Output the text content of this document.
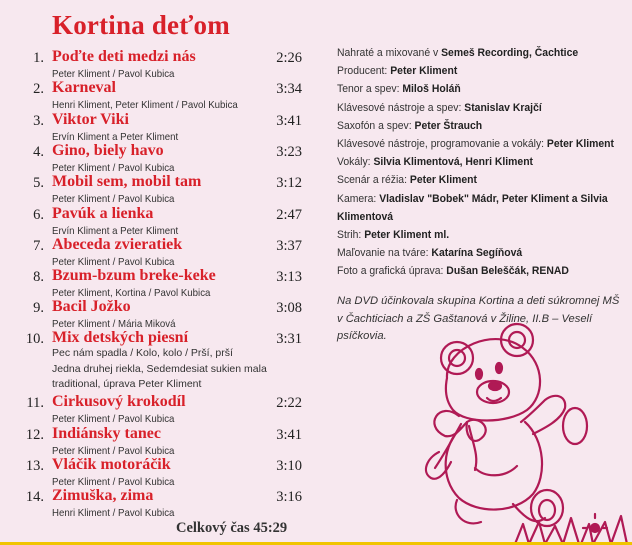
Kortina deťom
1. Poďte deti medzi nás	2:26
Peter Kliment / Pavol Kubica
2. Karneval	3:34
Henri Kliment, Peter Kliment / Pavol Kubica
3. Viktor Viki	3:41
Ervín Kliment a Peter Kliment
4. Gino, biely havo	3:23
Peter Kliment / Pavol Kubica
5. Mobil sem, mobil tam	3:12
Peter Kliment / Pavol Kubica
6. Pavúk a lienka	2:47
Ervín Kliment a Peter Kliment
7. Abeceda zvieratiek	3:37
Peter Kliment / Pavol Kubica
8. Bzum-bzum breke-keke	3:13
Peter Kliment, Kortina / Pavol Kubica
9. Bacil Jožko	3:08
Peter Kliment / Mária Miková
10. Mix detských piesní	3:31
Pec nám spadla / Kolo, kolo / Prší, prší
Jedna druhej riekla, Sedemdesiat sukien mala
traditional, úprava Peter Kliment
11. Cirkusový krokodíl	2:22
Peter Kliment / Pavol Kubica
12. Indiánsky tanec	3:41
Peter Kliment / Pavol Kubica
13. Vláčik motoráčik	3:10
Peter Kliment / Pavol Kubica
14. Zimuška, zima	3:16
Henri Kliment / Pavol Kubica
Celkový čas 45:29
Nahraté a mixované v Semeš Recording, Čachtice
Producent: Peter Kliment
Tenor a spev: Miloš Holáň
Klávesové nástroje a spev: Stanislav Krajčí
Saxofón a spev: Peter Štrauch
Klávesové nástroje, programovanie a vokály: Peter Kliment
Vokály: Silvia Klimentová, Henri Kliment
Scenár a réžia: Peter Kliment
Kamera: Vladislav "Bobek" Mádr, Peter Kliment a Silvia Klimentová
Strih: Peter Kliment ml.
Maľovanie na tváre: Katarína Segíňová
Foto a grafická úprava: Dušan Beleščák, RENAD
Na DVD účinkovala skupina Kortina a deti súkromnej MŠ v Čachticiach a ZŠ Gaštanová v Žiline, II.B – Veselí psíčkovia.
